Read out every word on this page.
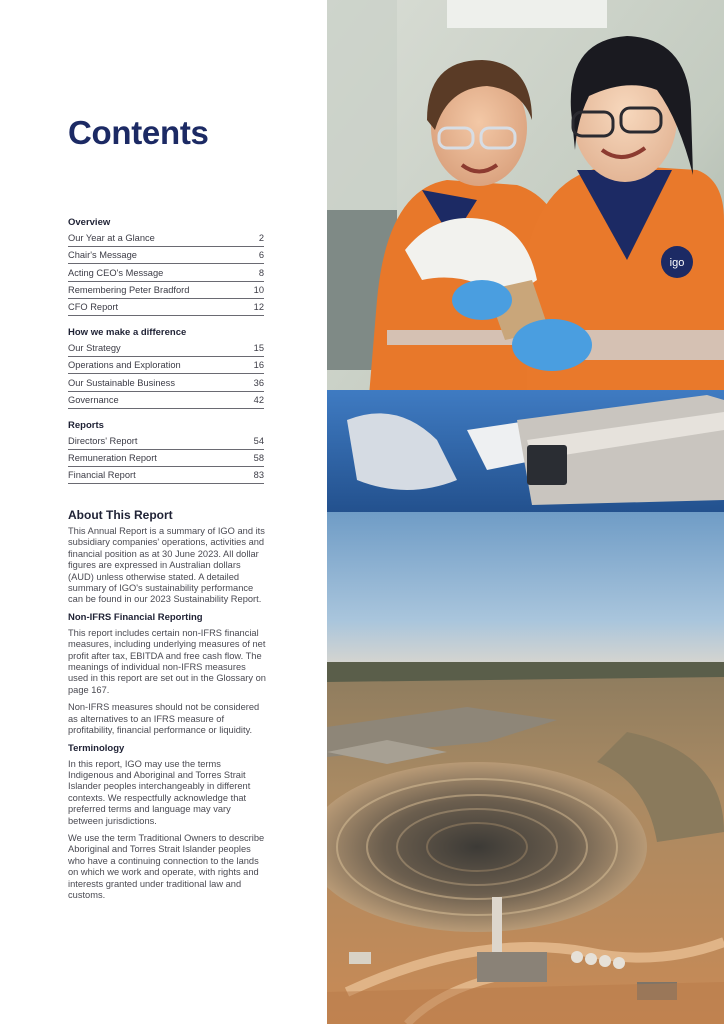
Contents
Overview
Our Year at a Glance	2
Chair's Message	6
Acting CEO's Message	8
Remembering Peter Bradford	10
CFO Report	12
How we make a difference
Our Strategy	15
Operations and Exploration	16
Our Sustainable Business	36
Governance	42
Reports
Directors' Report	54
Remuneration Report	58
Financial Report	83
About This Report

This Annual Report is a summary of IGO and its subsidiary companies' operations, activities and financial position as at 30 June 2023. All dollar figures are expressed in Australian dollars (AUD) unless otherwise stated. A detailed summary of IGO's sustainability performance can be found in our 2023 Sustainability Report.

Non-IFRS Financial Reporting

This report includes certain non-IFRS financial measures, including underlying measures of net profit after tax, EBITDA and free cash flow. The meanings of individual non-IFRS measures used in this report are set out in the Glossary on page 167.

Non-IFRS measures should not be considered as alternatives to an IFRS measure of profitability, financial performance or liquidity.

Terminology

In this report, IGO may use the terms Indigenous and Aboriginal and Torres Strait Islander peoples interchangeably in different contexts. We respectfully acknowledge that preferred terms and language may vary between jurisdictions.

We use the term Traditional Owners to describe Aboriginal and Torres Strait Islander peoples who have a continuing connection to the lands on which we work and operate, with rights and interests granted under traditional law and customs.

igo
